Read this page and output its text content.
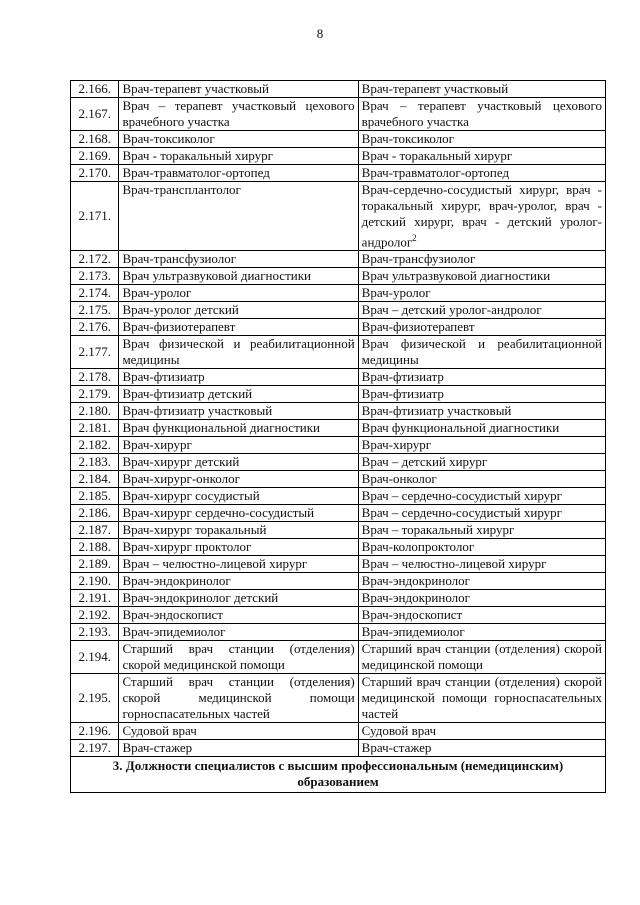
8
2.166.	Врач-терапевт участковый	Врач-терапевт участковый
2.167.	Врач – терапевт участковый цехового врачебного участка	Врач – терапевт участковый цехового врачебного участка
2.168.	Врач-токсиколог	Врач-токсиколог
2.169.	Врач - торакальный хирург	Врач - торакальный хирург
2.170.	Врач-травматолог-ортопед	Врач-травматолог-ортопед
2.171.	Врач-трансплантолог	Врач-сердечно-сосудистый хирург, врач - торакальный хирург, врач-уролог, врач - детский хирург, врач - детский уролог-андролог$^2$
2.172.	Врач-трансфузиолог	Врач-трансфузиолог
2.173.	Врач ультразвуковой диагностики	Врач ультразвуковой диагностики
2.174.	Врач-уролог	Врач-уролог
2.175.	Врач-уролог детский	Врач – детский уролог-андролог
2.176.	Врач-физиотерапевт	Врач-физиотерапевт
2.177.	Врач физической и реабилитационной медицины	Врач физической и реабилитационной медицины
2.178.	Врач-фтизиатр	Врач-фтизиатр
2.179.	Врач-фтизиатр детский	Врач-фтизиатр
2.180.	Врач-фтизиатр участковый	Врач-фтизиатр участковый
2.181.	Врач функциональной диагностики	Врач функциональной диагностики
2.182.	Врач-хирург	Врач-хирург
2.183.	Врач-хирург детский	Врач – детский хирург
2.184.	Врач-хирург-онколог	Врач-онколог
2.185.	Врач-хирург сосудистый	Врач – сердечно-сосудистый хирург
2.186.	Врач-хирург сердечно-сосудистый	Врач – сердечно-сосудистый хирург
2.187.	Врач-хирург торакальный	Врач – торакальный хирург
2.188.	Врач-хирург проктолог	Врач-колопроктолог
2.189.	Врач – челюстно-лицевой хирург	Врач – челюстно-лицевой хирург
2.190.	Врач-эндокринолог	Врач-эндокринолог
2.191.	Врач-эндокринолог детский	Врач-эндокринолог
2.192.	Врач-эндоскопист	Врач-эндоскопист
2.193.	Врач-эпидемиолог	Врач-эпидемиолог
2.194.	Старший врач станции (отделения) скорой медицинской помощи	Старший врач станции (отделения) скорой медицинской помощи
2.195.	Старший врач станции (отделения) скорой медицинской помощи горноспасательных частей	Старший врач станции (отделения) скорой медицинской помощи горноспасательных частей
2.196.	Судовой врач	Судовой врач
2.197.	Врач-стажер	Врач-стажер
3. Должности специалистов с высшим профессиональным (немедицинским) образованием		
